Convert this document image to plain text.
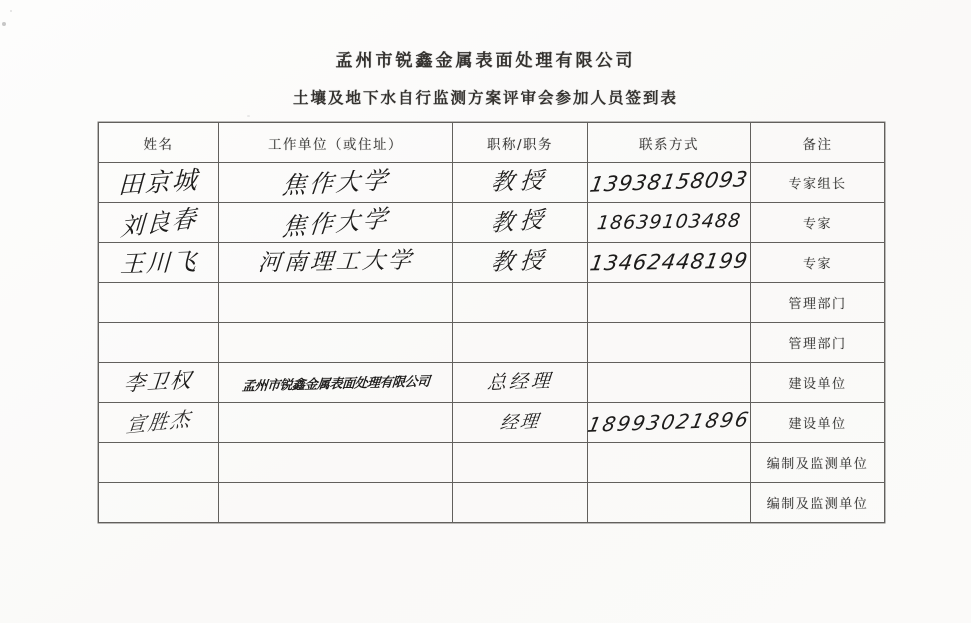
孟州市锐鑫金属表面处理有限公司
土壤及地下水自行监测方案评审会参加人员签到表
姓名	工作单位（或住址）	职称/职务	联系方式	备注
田京城	焦作大学	教授	13938158093	专家组长
刘良春	焦作大学	教授	18639103488	专家
王川飞	河南理工大学	教授	13462448199	专家
				管理部门
				管理部门
李卫权	孟州市锐鑫金属表面处理有限公司	总经理		建设单位
宣胜杰		经理	18993021896	建设单位
				编制及监测单位
				编制及监测单位
